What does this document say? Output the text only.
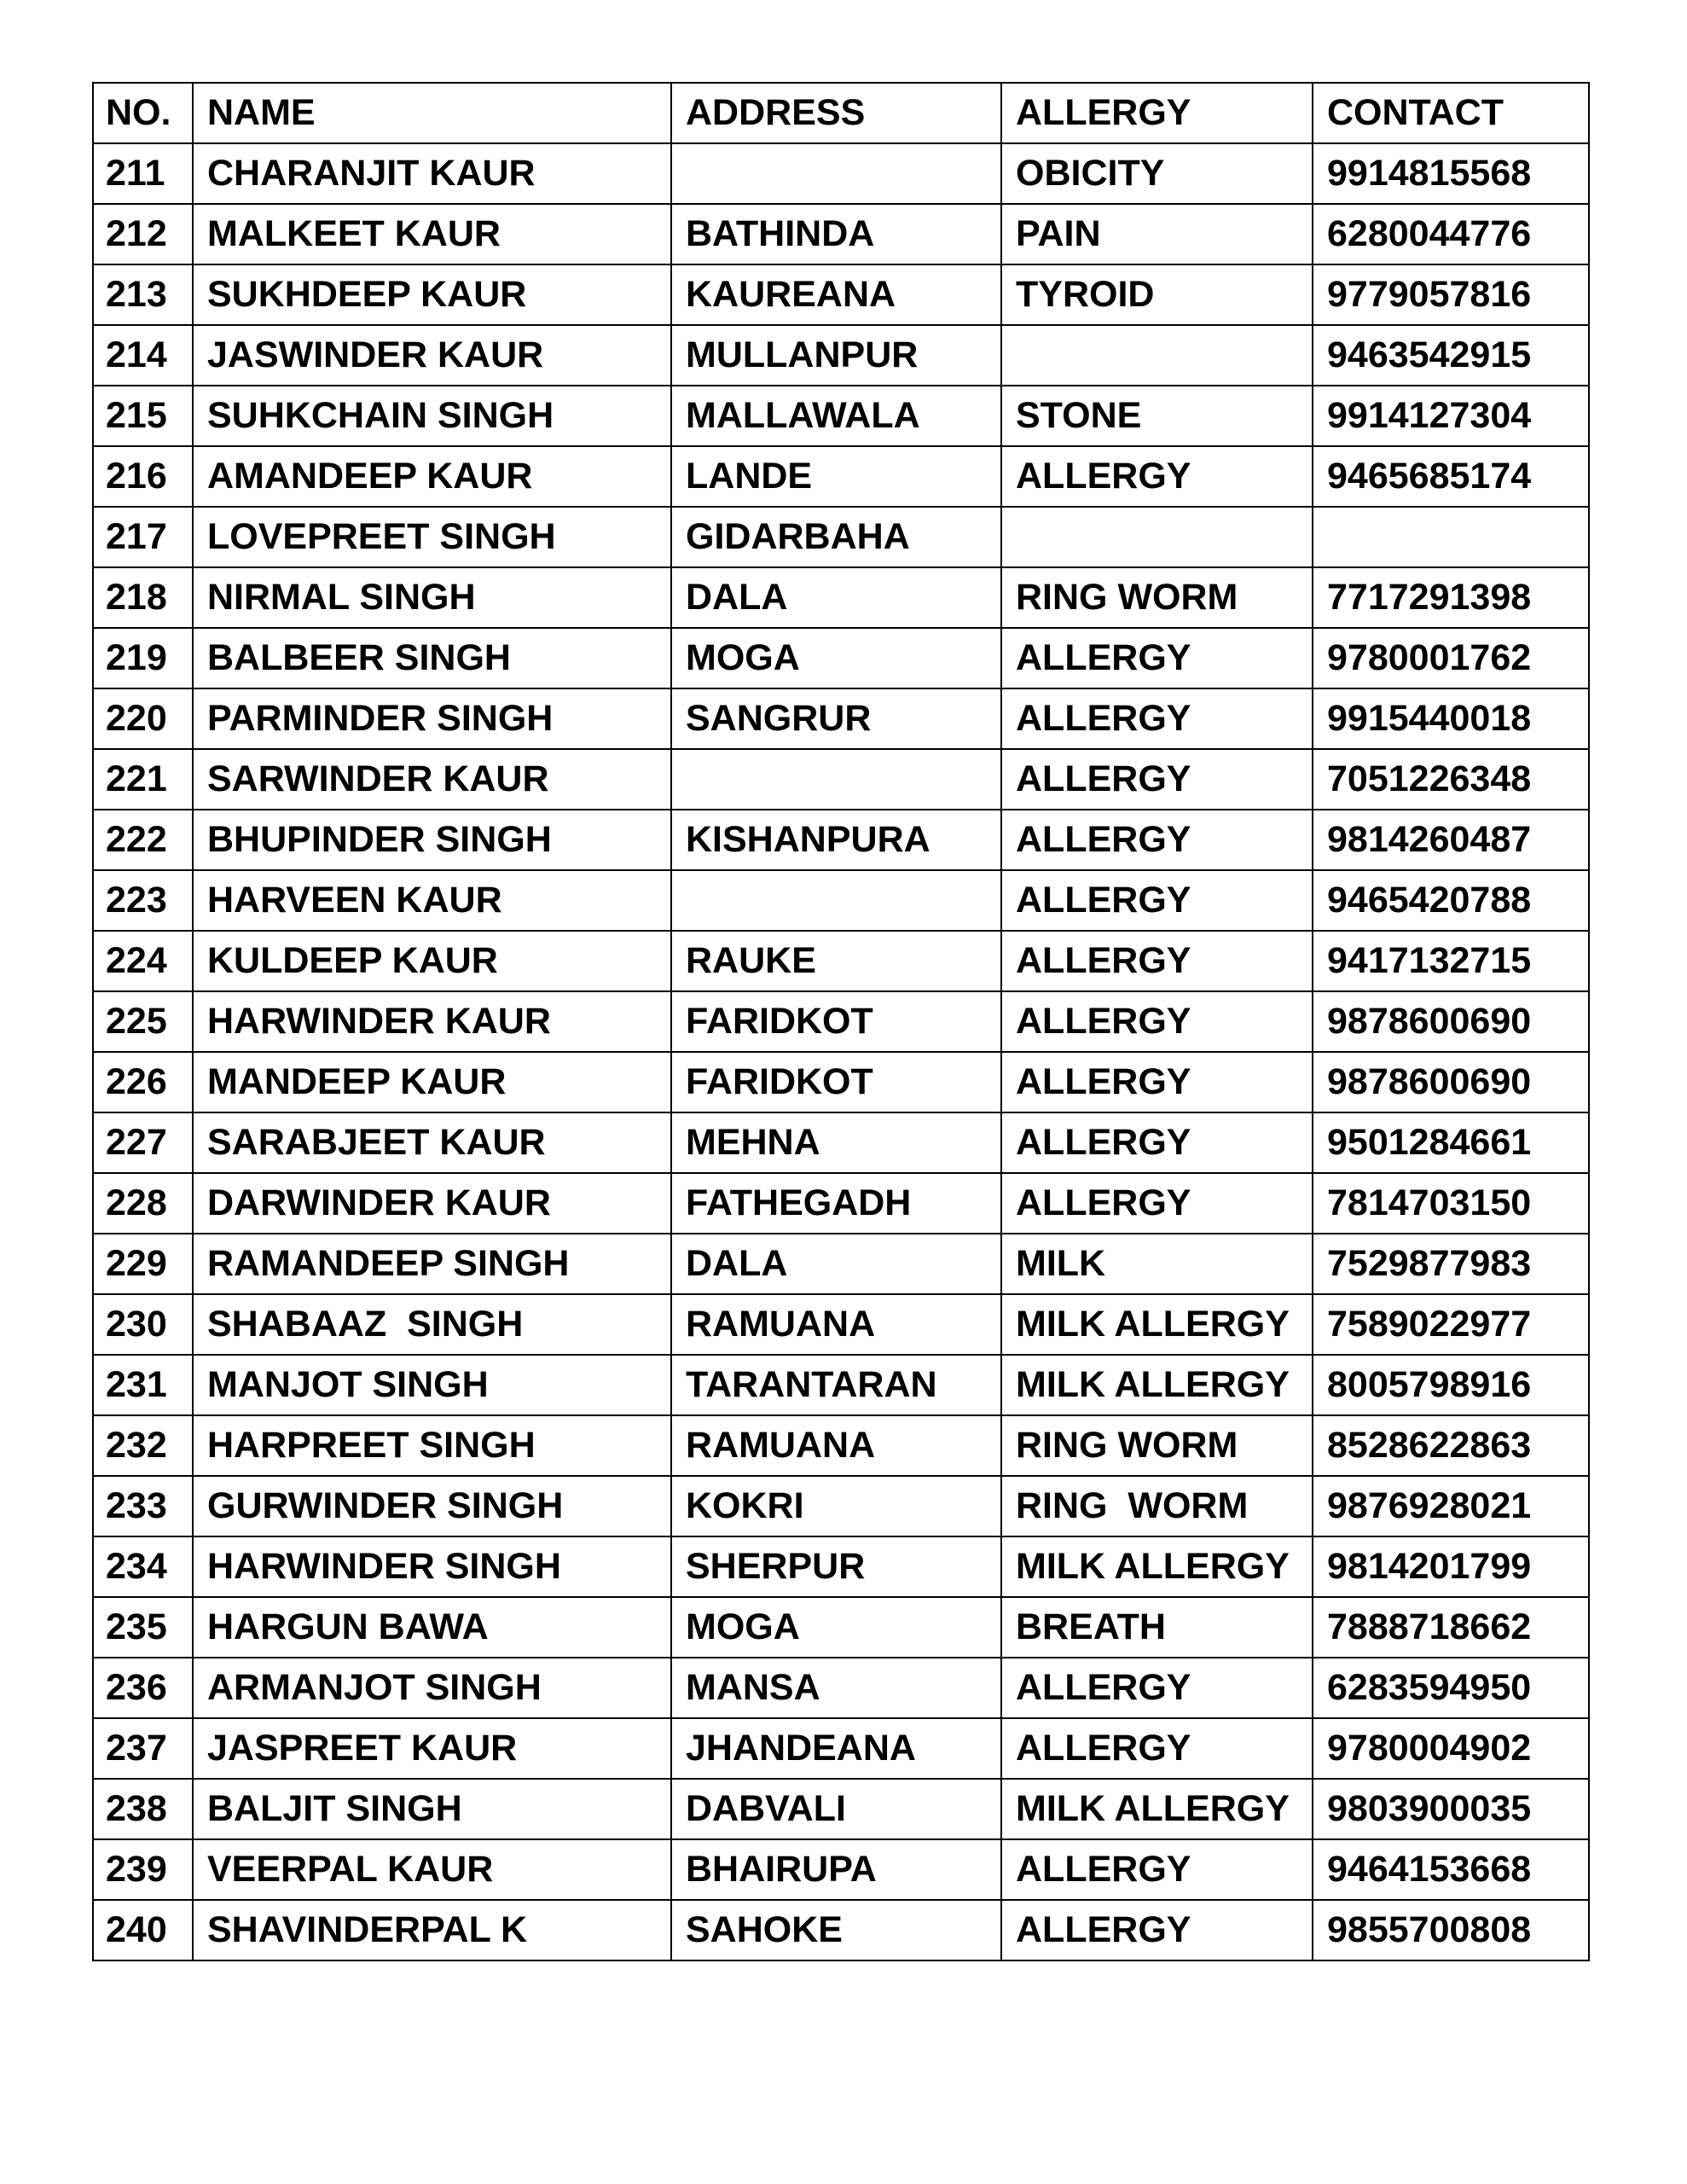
NO.	NAME	ADDRESS	ALLERGY	CONTACT
211	CHARANJIT KAUR		OBICITY	9914815568
212	MALKEET KAUR	BATHINDA	PAIN	6280044776
213	SUKHDEEP KAUR	KAUREANA	TYROID	9779057816
214	JASWINDER KAUR	MULLANPUR		9463542915
215	SUHKCHAIN SINGH	MALLAWALA	STONE	9914127304
216	AMANDEEP KAUR	LANDE	ALLERGY	9465685174
217	LOVEPREET SINGH	GIDARBAHA		
218	NIRMAL SINGH	DALA	RING WORM	7717291398
219	BALBEER SINGH	MOGA	ALLERGY	9780001762
220	PARMINDER SINGH	SANGRUR	ALLERGY	9915440018
221	SARWINDER KAUR		ALLERGY	7051226348
222	BHUPINDER SINGH	KISHANPURA	ALLERGY	9814260487
223	HARVEEN KAUR		ALLERGY	9465420788
224	KULDEEP KAUR	RAUKE	ALLERGY	9417132715
225	HARWINDER KAUR	FARIDKOT	ALLERGY	9878600690
226	MANDEEP KAUR	FARIDKOT	ALLERGY	9878600690
227	SARABJEET KAUR	MEHNA	ALLERGY	9501284661
228	DARWINDER KAUR	FATHEGADH	ALLERGY	7814703150
229	RAMANDEEP SINGH	DALA	MILK	7529877983
230	SHABAAZ  SINGH	RAMUANA	MILK ALLERGY	7589022977
231	MANJOT SINGH	TARANTARAN	MILK ALLERGY	8005798916
232	HARPREET SINGH	RAMUANA	RING WORM	8528622863
233	GURWINDER SINGH	KOKRI	RING  WORM	9876928021
234	HARWINDER SINGH	SHERPUR	MILK ALLERGY	9814201799
235	HARGUN BAWA	MOGA	BREATH	7888718662
236	ARMANJOT SINGH	MANSA	ALLERGY	6283594950
237	JASPREET KAUR	JHANDEANA	ALLERGY	9780004902
238	BALJIT SINGH	DABVALI	MILK ALLERGY	9803900035
239	VEERPAL KAUR	BHAIRUPA	ALLERGY	9464153668
240	SHAVINDERPAL K	SAHOKE	ALLERGY	9855700808
